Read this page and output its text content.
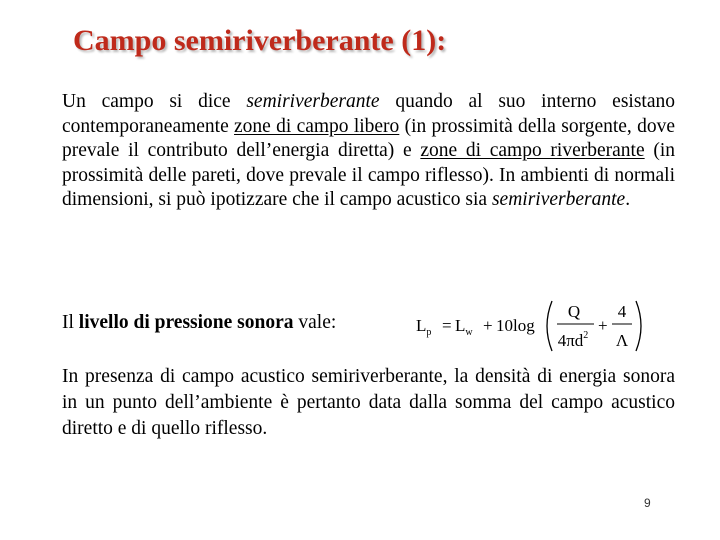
Campo semiriverberante (1):
Un campo si dice semiriverberante quando al suo interno esistano contemporaneamente zone di campo libero (in prossimità della sorgente, dove prevale il contributo dell’energia diretta) e zone di campo riverberante (in prossimità delle pareti, dove prevale il campo riflesso). In ambienti di normali dimensioni, si può ipotizzare che il campo acustico sia semiriverberante.
Il livello di pressione sonora vale:	$L_p = L_w + 10\log$
Q
$4\pi d^2$
+
4
Λ
In presenza di campo acustico semiriverberante, la densità di energia sonora in un punto dell’ambiente è pertanto data dalla somma del campo acustico diretto e di quello riflesso.
9
